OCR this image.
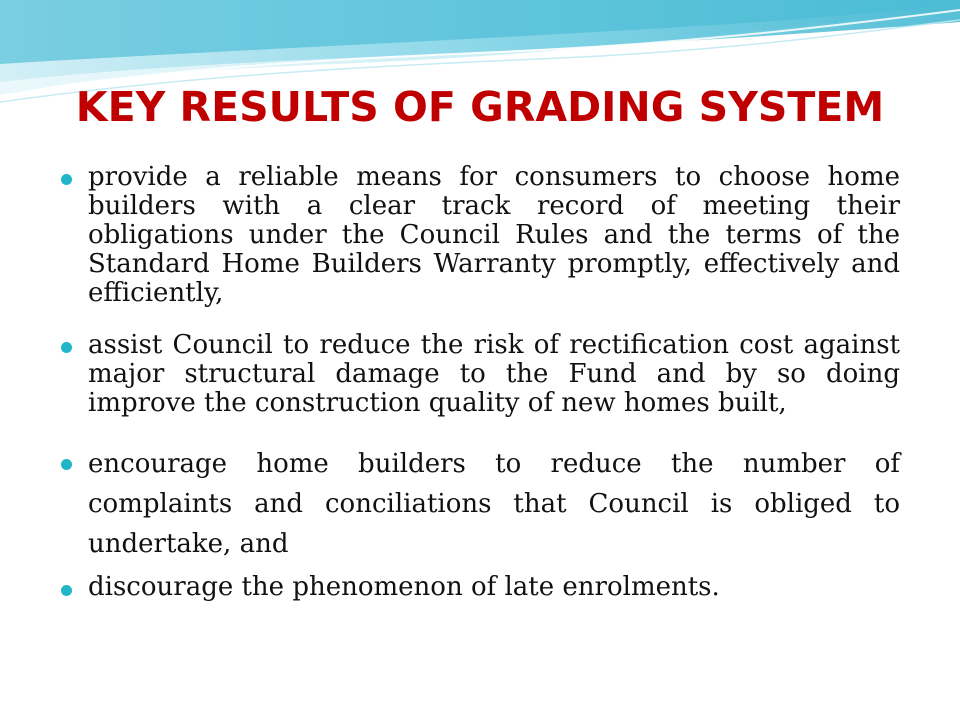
KEY RESULTS OF GRADING SYSTEM
provide a reliable means for consumers to choose home builders with a clear track record of meeting their obligations under the Council Rules and the terms of the Standard Home Builders Warranty promptly, effectively and efficiently,
assist Council to reduce the risk of rectification cost against major structural damage to the Fund and by so doing improve the construction quality of new homes built,
encourage home builders to reduce the number of complaints and conciliations that Council is obliged to undertake, and
discourage the phenomenon of late enrolments.
